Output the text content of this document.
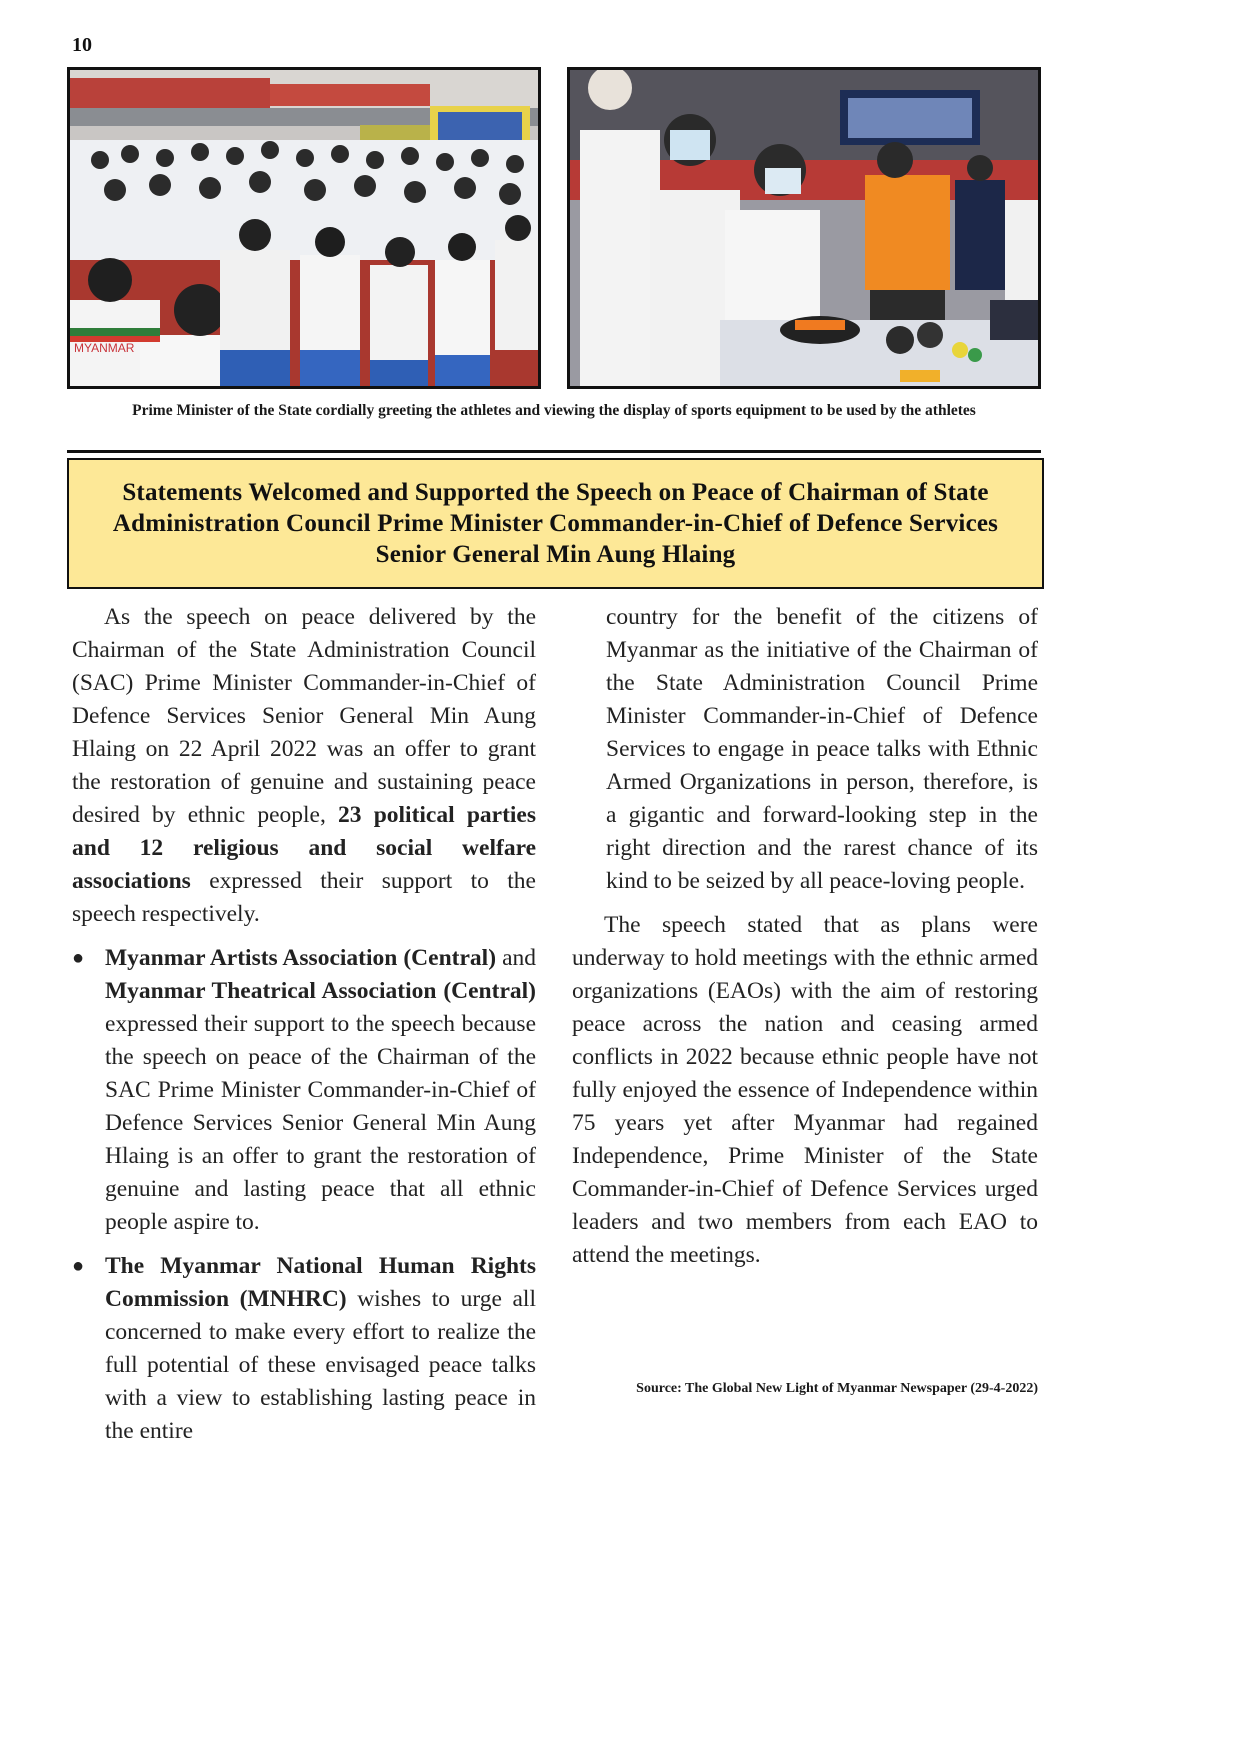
10
MYANMAR
Prime Minister of the State cordially greeting the athletes and viewing the display of sports equipment to be used by the athletes
Statements Welcomed and Supported the Speech on Peace of Chairman of State Administration Council Prime Minister Commander-in-Chief of Defence Services Senior General Min Aung Hlaing

As the speech on peace delivered by the Chairman of the State Administration Council (SAC) Prime Minister Commander-in-Chief of Defence Services Senior General Min Aung Hlaing on 22 April 2022 was an offer to grant the restoration of genuine and sustaining peace desired by ethnic people, 23 political parties and 12 religious and social welfare associations expressed their support to the speech respectively.

● Myanmar Artists Association (Central) and Myanmar Theatrical Association (Central) expressed their support to the speech because the speech on peace of the Chairman of the SAC Prime Minister Commander-in-Chief of Defence Services Senior General Min Aung Hlaing is an offer to grant the restoration of genuine and lasting peace that all ethnic people aspire to.
● The Myanmar National Human Rights Commission (MNHRC) wishes to urge all concerned to make every effort to realize the full potential of these envisaged peace talks with a view to establishing lasting peace in the entire

country for the benefit of the citizens of Myanmar as the initiative of the Chairman of the State Administration Council Prime Minister Commander-in-Chief of Defence Services to engage in peace talks with Ethnic Armed Organizations in person, therefore, is a gigantic and forward-looking step in the right direction and the rarest chance of its kind to be seized by all peace-loving people.

The speech stated that as plans were underway to hold meetings with the ethnic armed organizations (EAOs) with the aim of restoring peace across the nation and ceasing armed conflicts in 2022 because ethnic people have not fully enjoyed the essence of Independence within 75 years yet after Myanmar had regained Independence, Prime Minister of the State Commander-in-Chief of Defence Services urged leaders and two members from each EAO to attend the meetings.

Source: The Global New Light of Myanmar Newspaper (29-4-2022)
